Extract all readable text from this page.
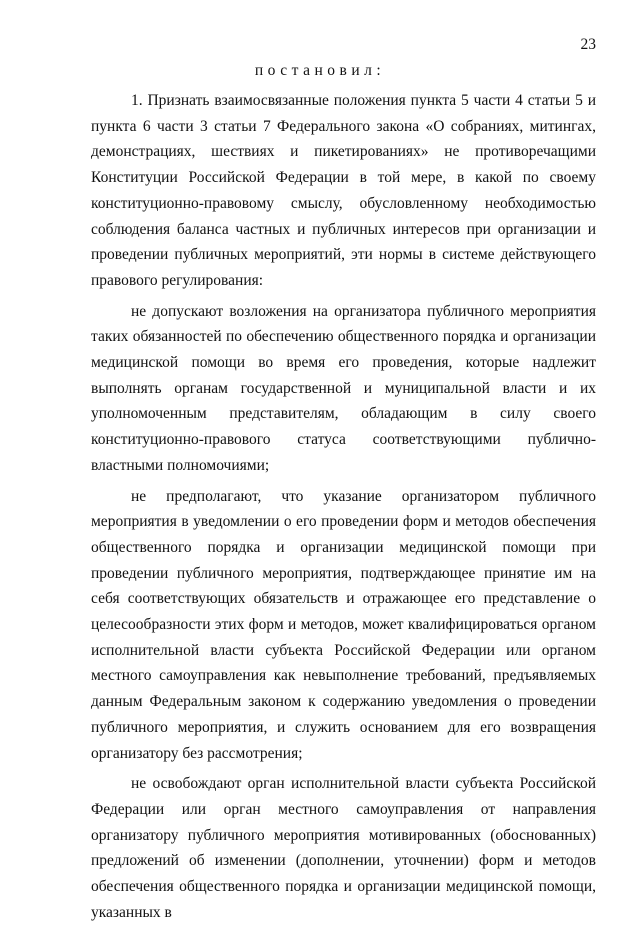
23
постановил:

1. Признать взаимосвязанные положения пункта 5 части 4 статьи 5 и пункта 6 части 3 статьи 7 Федерального закона «О собраниях, митингах, демонстрациях, шествиях и пикетированиях» не противоречащими Конституции Российской Федерации в той мере, в какой по своему конституционно-правовому смыслу, обусловленному необходимостью соблюдения баланса частных и публичных интересов при организации и проведении публичных мероприятий, эти нормы в системе действующего правового регулирования:

не допускают возложения на организатора публичного мероприятия таких обязанностей по обеспечению общественного порядка и организации медицинской помощи во время его проведения, которые надлежит выполнять органам государственной и муниципальной власти и их уполномоченным представителям, обладающим в силу своего конституционно-правового статуса соответствующими публично-властными полномочиями;

не предполагают, что указание организатором публичного мероприятия в уведомлении о его проведении форм и методов обеспечения общественного порядка и организации медицинской помощи при проведении публичного мероприятия, подтверждающее принятие им на себя соответствующих обязательств и отражающее его представление о целесообразности этих форм и методов, может квалифицироваться органом исполнительной власти субъекта Российской Федерации или органом местного самоуправления как невыполнение требований, предъявляемых данным Федеральным законом к содержанию уведомления о проведении публичного мероприятия, и служить основанием для его возвращения организатору без рассмотрения;

не освобождают орган исполнительной власти субъекта Российской Федерации или орган местного самоуправления от направления организатору публичного мероприятия мотивированных (обоснованных) предложений об изменении (дополнении, уточнении) форм и методов обеспечения общественного порядка и организации медицинской помощи, указанных в
